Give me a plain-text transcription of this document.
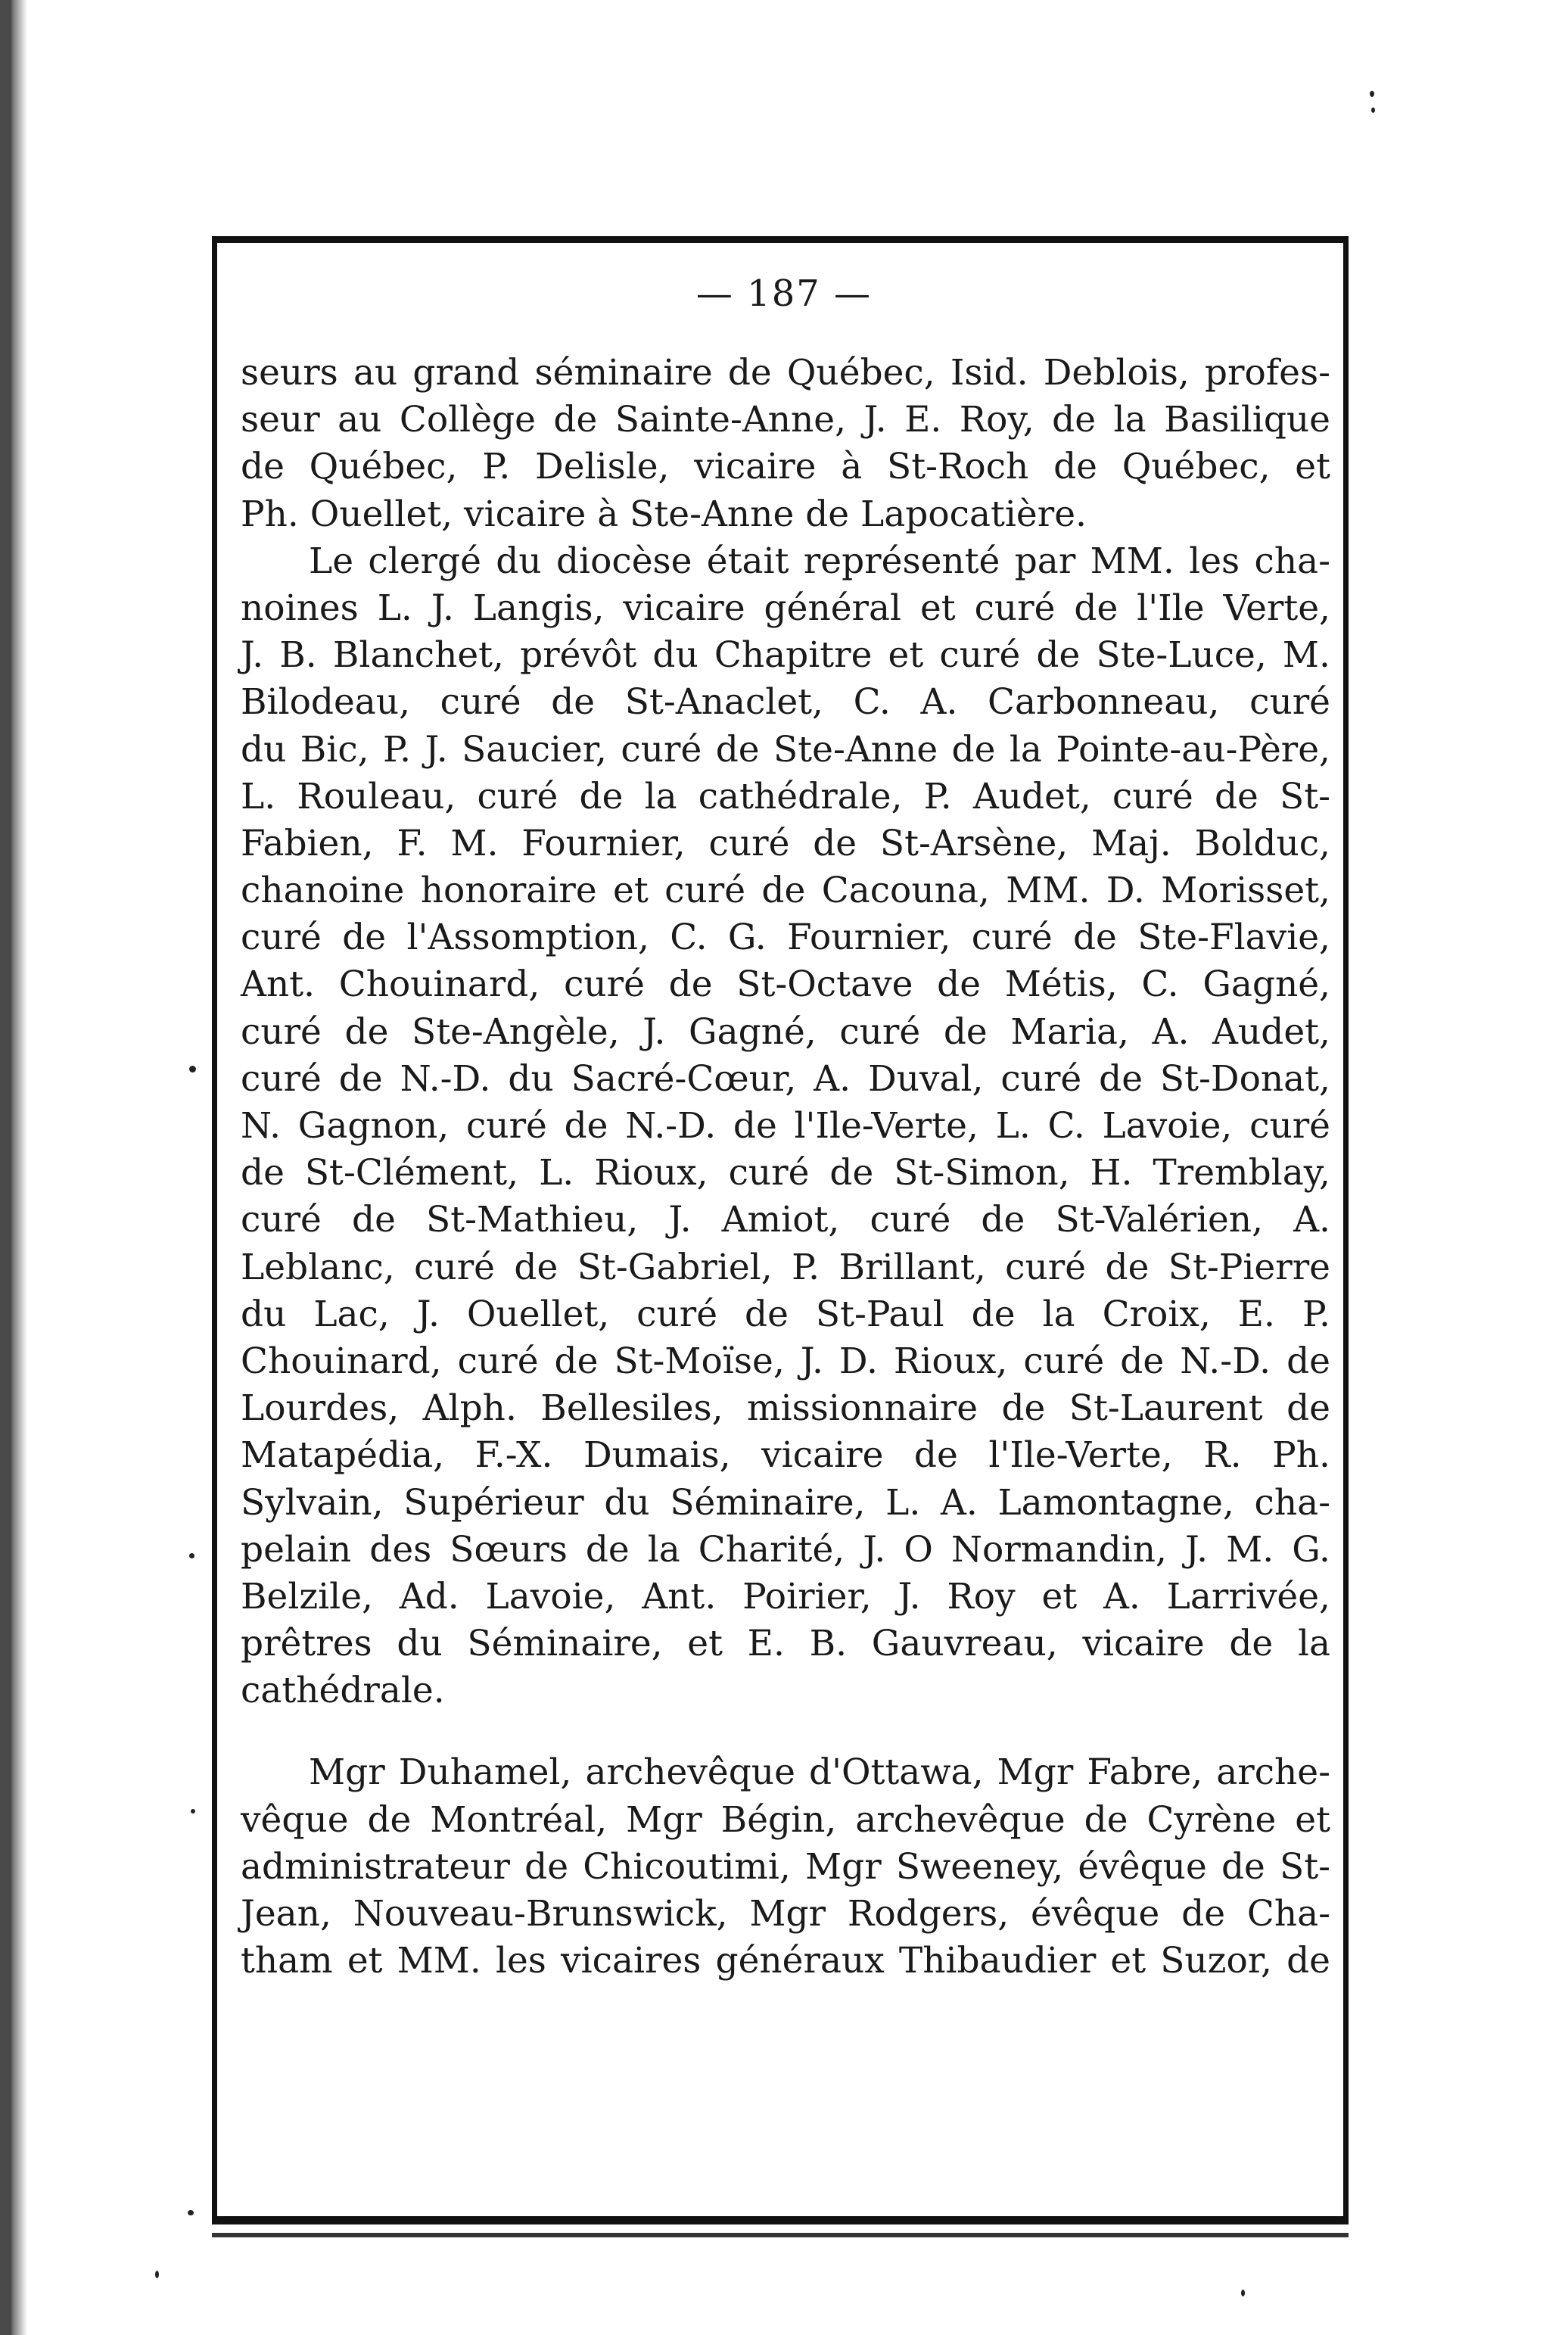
— 187 —

seurs au grand séminaire de Québec, Isid. Deblois, profes-
seur au Collège de Sainte-Anne, J. E. Roy, de la Basilique
de Québec, P. Delisle, vicaire à St-Roch de Québec, et
Ph. Ouellet, vicaire à Ste-Anne de Lapocatière.
Le clergé du diocèse était représenté par MM. les cha-
noines L. J. Langis, vicaire général et curé de l'Ile Verte,
J. B. Blanchet, prévôt du Chapitre et curé de Ste-Luce, M.
Bilodeau, curé de St-Anaclet, C. A. Carbonneau, curé
du Bic, P. J. Saucier, curé de Ste-Anne de la Pointe-au-Père,
L. Rouleau, curé de la cathédrale, P. Audet, curé de St-
Fabien, F. M. Fournier, curé de St-Arsène, Maj. Bolduc,
chanoine honoraire et curé de Cacouna, MM. D. Morisset,
curé de l'Assomption, C. G. Fournier, curé de Ste-Flavie,
Ant. Chouinard, curé de St-Octave de Métis, C. Gagné,
curé de Ste-Angèle, J. Gagné, curé de Maria, A. Audet,
curé de N.-D. du Sacré-Cœur, A. Duval, curé de St-Donat,
N. Gagnon, curé de N.-D. de l'Ile-Verte, L. C. Lavoie, curé
de St-Clément, L. Rioux, curé de St-Simon, H. Tremblay,
curé de St-Mathieu, J. Amiot, curé de St-Valérien, A.
Leblanc, curé de St-Gabriel, P. Brillant, curé de St-Pierre
du Lac, J. Ouellet, curé de St-Paul de la Croix, E. P.
Chouinard, curé de St-Moïse, J. D. Rioux, curé de N.-D. de
Lourdes, Alph. Bellesiles, missionnaire de St-Laurent de
Matapédia, F.-X. Dumais, vicaire de l'Ile-Verte, R. Ph.
Sylvain, Supérieur du Séminaire, L. A. Lamontagne, cha-
pelain des Sœurs de la Charité, J. O Normandin, J. M. G.
Belzile, Ad. Lavoie, Ant. Poirier, J. Roy et A. Larrivée,
prêtres du Séminaire, et E. B. Gauvreau, vicaire de la
cathédrale.
Mgr Duhamel, archevêque d'Ottawa, Mgr Fabre, arche-
vêque de Montréal, Mgr Bégin, archevêque de Cyrène et
administrateur de Chicoutimi, Mgr Sweeney, évêque de St-
Jean, Nouveau-Brunswick, Mgr Rodgers, évêque de Cha-
tham et MM. les vicaires généraux Thibaudier et Suzor, de
